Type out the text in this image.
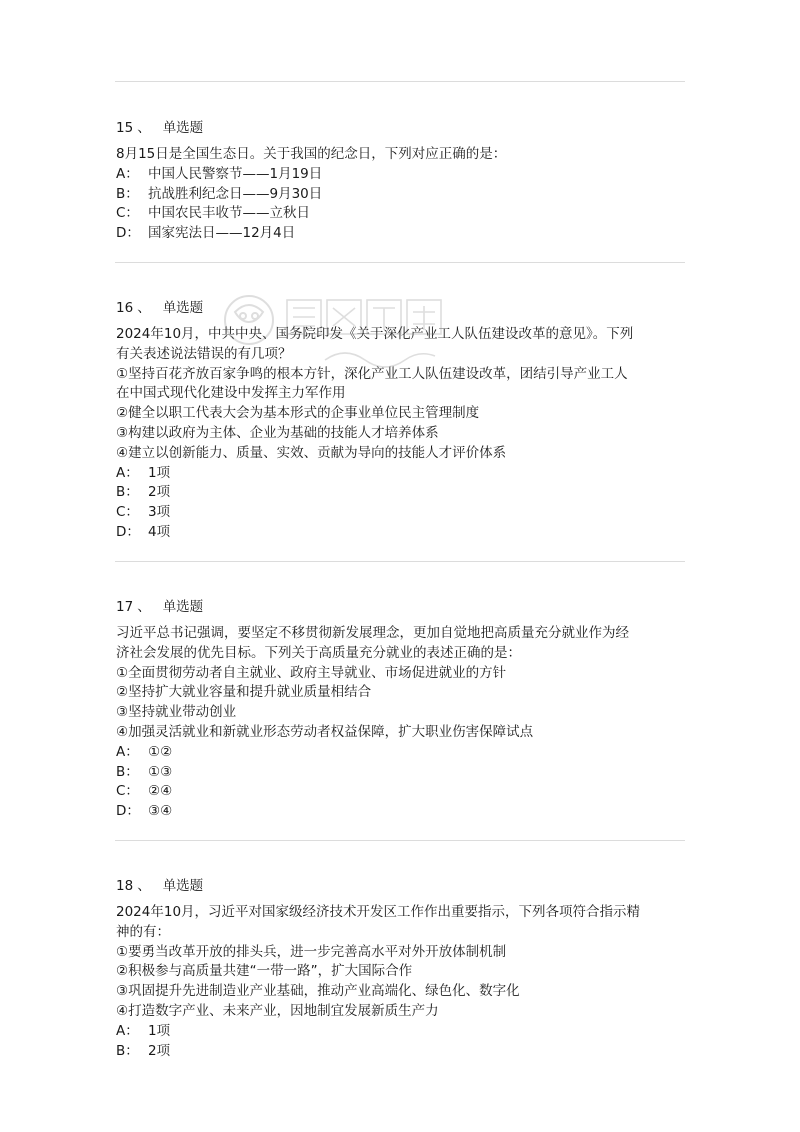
15 、 单选题
8月15日是全国生态日。关于我国的纪念日，下列对应正确的是：
A： 中国人民警察节——1月19日
B： 抗战胜利纪念日——9月30日
C： 中国农民丰收节——立秋日
D： 国家宪法日——12月4日
16 、 单选题
2024年10月，中共中央、国务院印发《关于深化产业工人队伍建设改革的意见》。下列
有关表述说法错误的有几项？
①坚持百花齐放百家争鸣的根本方针，深化产业工人队伍建设改革，团结引导产业工人
在中国式现代化建设中发挥主力军作用
②健全以职工代表大会为基本形式的企事业单位民主管理制度
③构建以政府为主体、企业为基础的技能人才培养体系
④建立以创新能力、质量、实效、贡献为导向的技能人才评价体系
A： 1项
B： 2项
C： 3项
D： 4项
17 、 单选题
习近平总书记强调，要坚定不移贯彻新发展理念，更加自觉地把高质量充分就业作为经
济社会发展的优先目标。下列关于高质量充分就业的表述正确的是：
①全面贯彻劳动者自主就业、政府主导就业、市场促进就业的方针
②坚持扩大就业容量和提升就业质量相结合
③坚持就业带动创业
④加强灵活就业和新就业形态劳动者权益保障，扩大职业伤害保障试点
A： ①②
B： ①③
C： ②④
D： ③④
18 、 单选题
2024年10月，习近平对国家级经济技术开发区工作作出重要指示，下列各项符合指示精
神的有：
①要勇当改革开放的排头兵，进一步完善高水平对外开放体制机制
②积极参与高质量共建“一带一路”，扩大国际合作
③巩固提升先进制造业产业基础，推动产业高端化、绿色化、数字化
④打造数字产业、未来产业，因地制宜发展新质生产力
A： 1项
B： 2项
